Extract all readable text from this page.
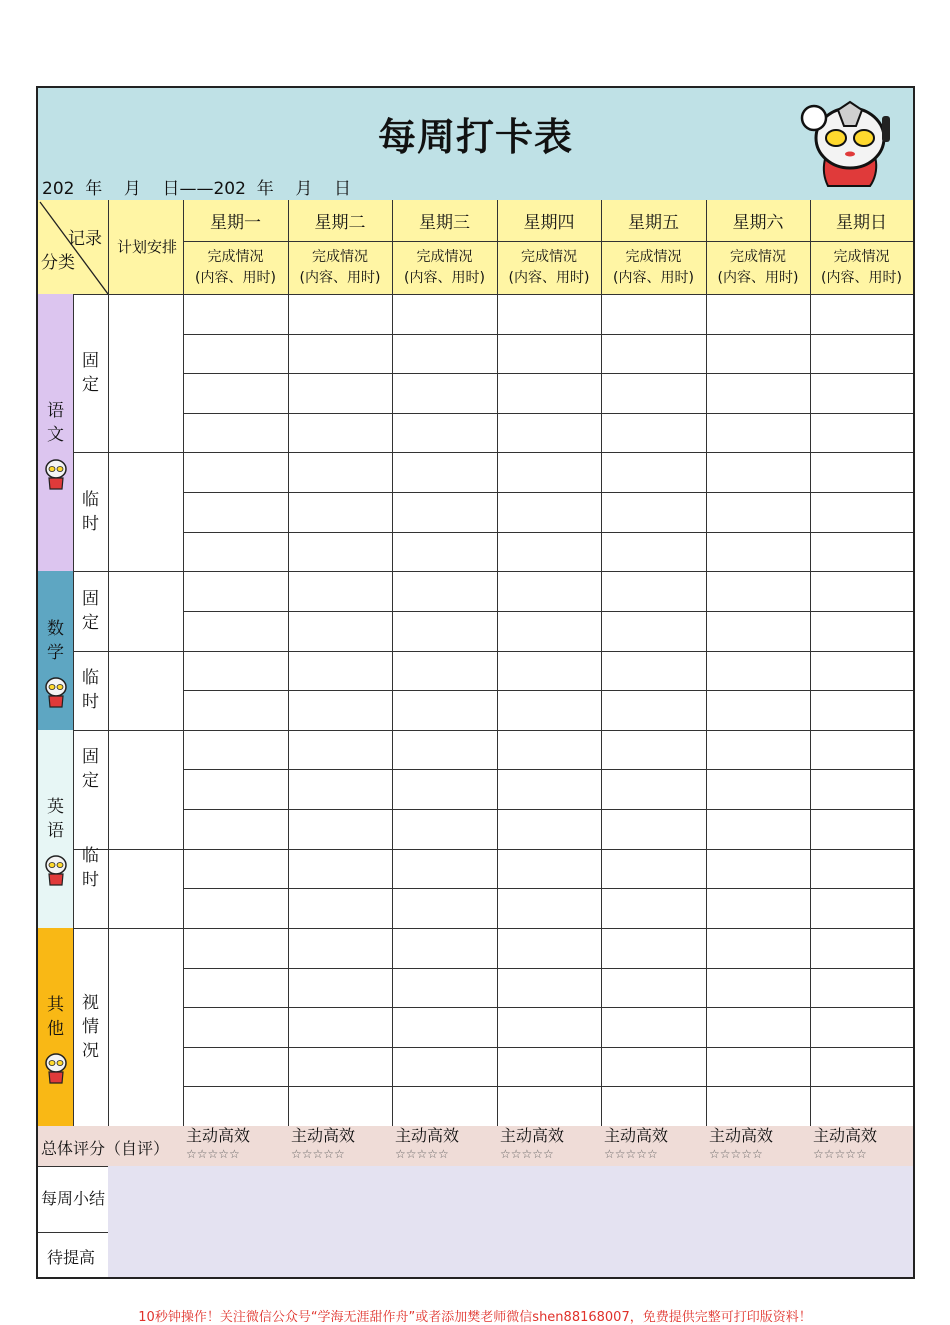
每周打卡表
202  年    月    日——202  年    月    日
记录
分类
计划安排
星期一
完成情况
(内容、用时)
星期二
完成情况
(内容、用时)
星期三
完成情况
(内容、用时)
星期四
完成情况
(内容、用时)
星期五
完成情况
(内容、用时)
星期六
完成情况
(内容、用时)
星期日
完成情况
(内容、用时)
语
文
固
定
临
时
数
学
固
定
临
时
英
语
固
定
临
时
其
他
视
情
况
总体评分（自评）
主动高效
☆☆☆☆☆
主动高效
☆☆☆☆☆
主动高效
☆☆☆☆☆
主动高效
☆☆☆☆☆
主动高效
☆☆☆☆☆
主动高效
☆☆☆☆☆
主动高效
☆☆☆☆☆
每周小结
待提高
10秒钟操作！关注微信公众号“学海无涯甜作舟”或者添加樊老师微信shen88168007，免费提供完整可打印版资料！
